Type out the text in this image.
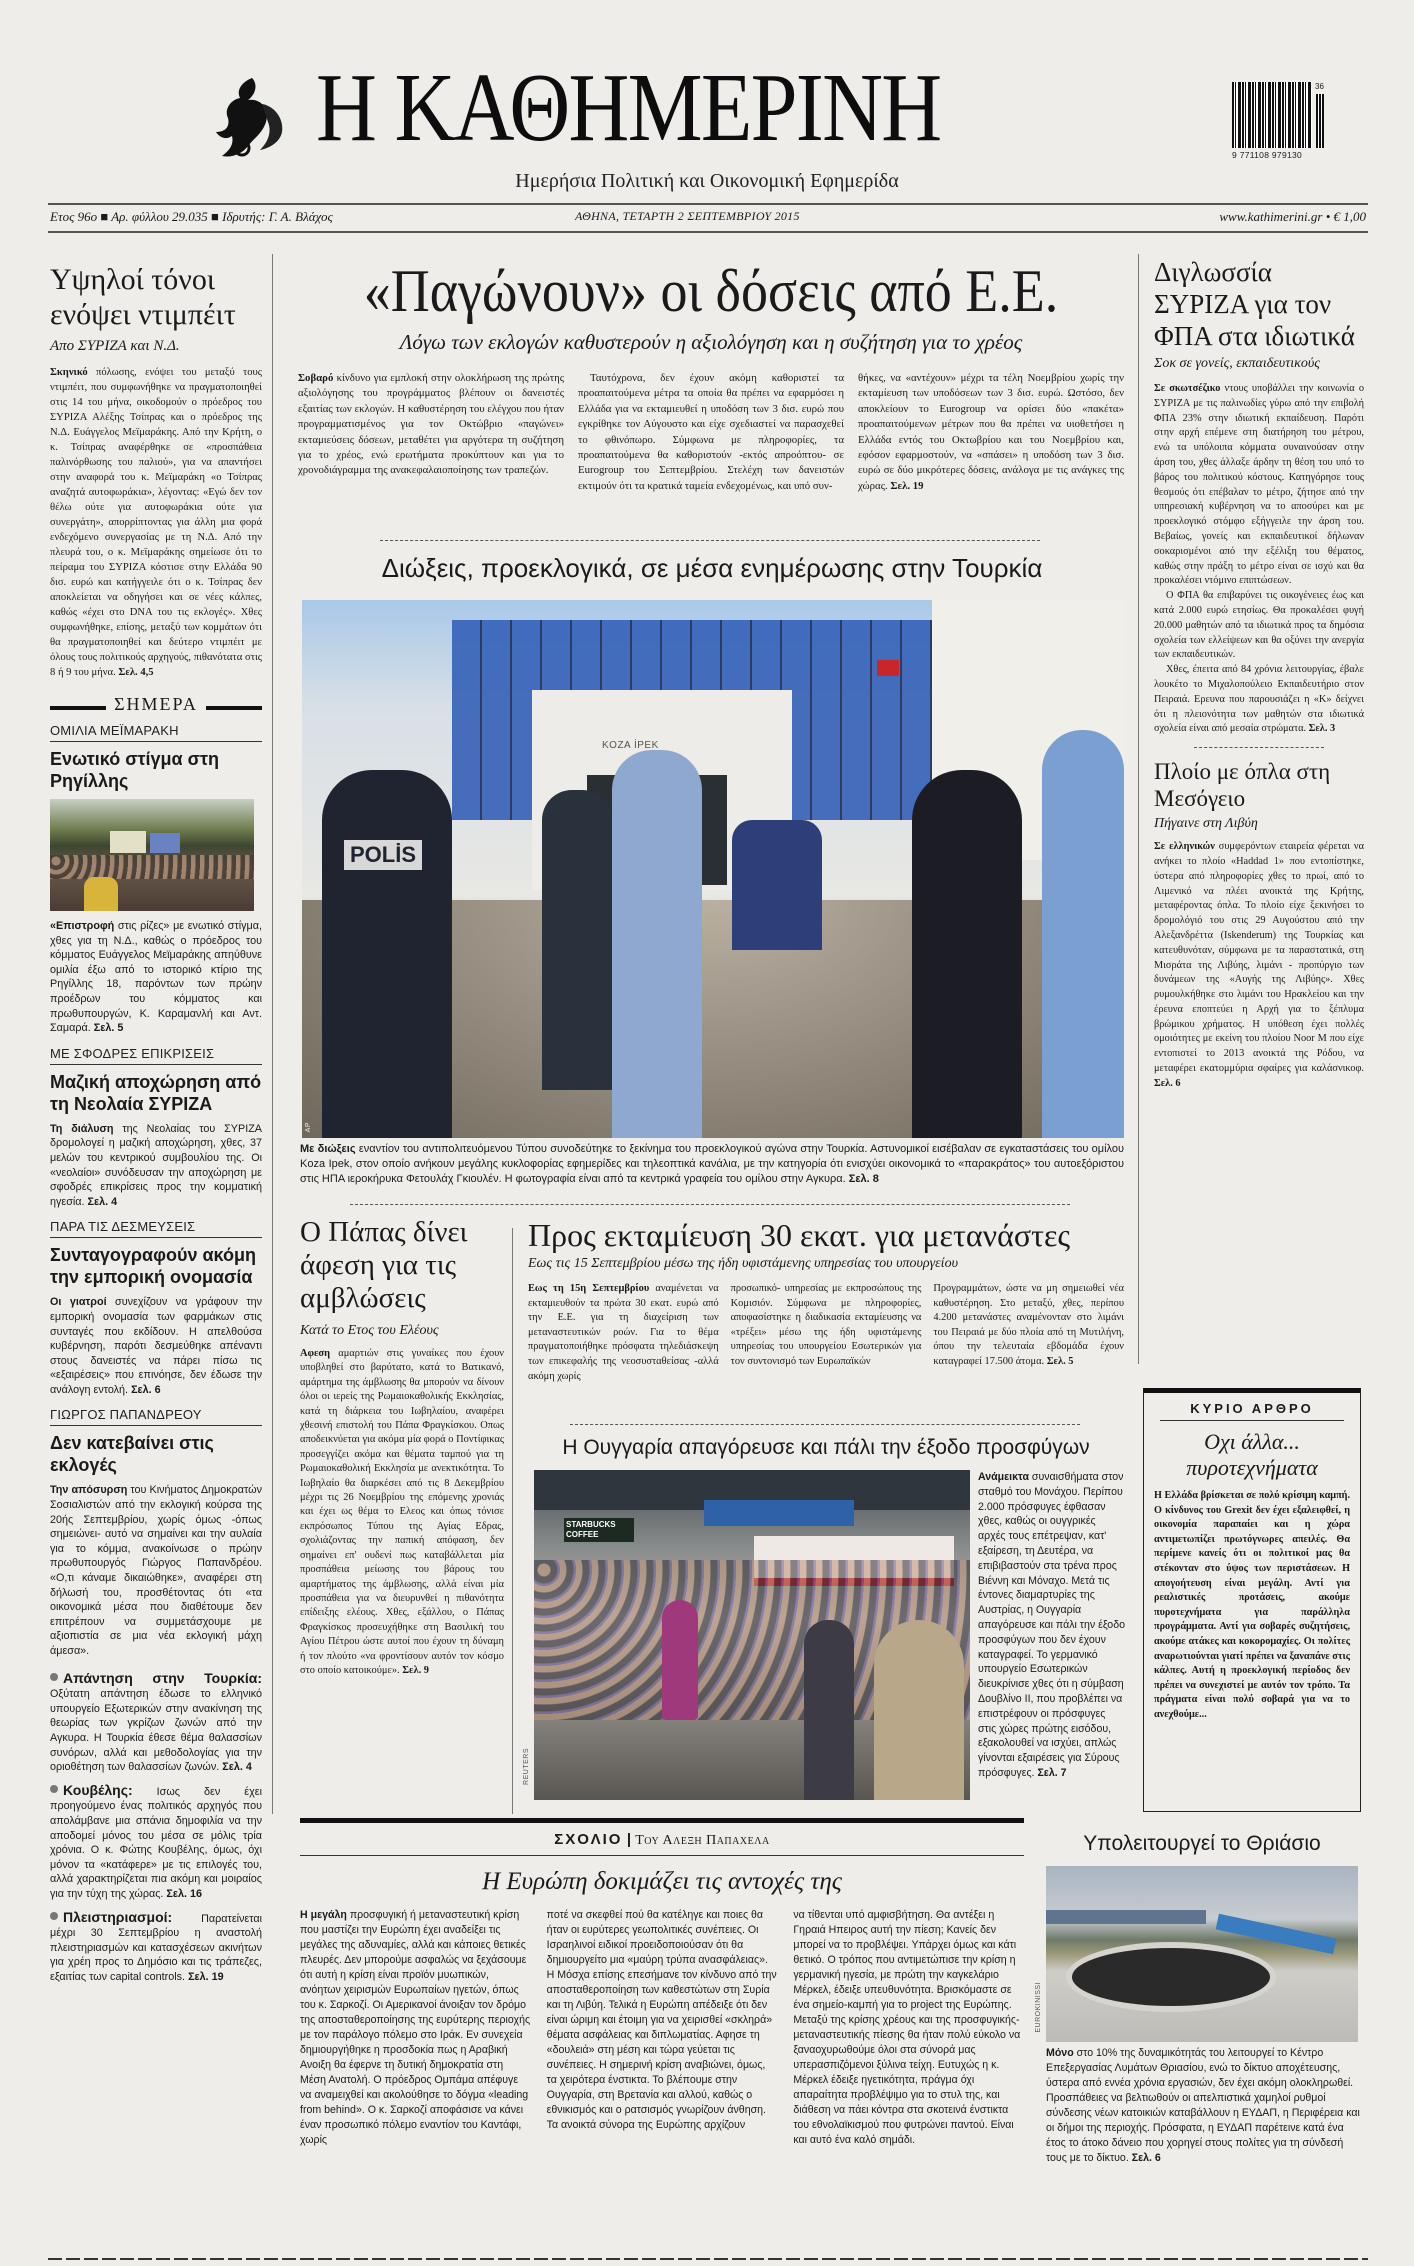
Η ΚΑΘΗΜΕΡΙΝΗ	36
9 771108 979130
Ημερήσια Πολιτική και Οικονομική Εφημερίδα
Ετος 96ο ■ Αρ. φύλλου 29.035 ■ Ιδρυτής: Γ. Α. Βλάχος	ΑΘΗΝΑ, ΤΕΤΑΡΤΗ 2 ΣΕΠΤΕΜΒΡΙΟΥ 2015	www.kathimerini.gr • € 1,00
Υψηλοί τόνοι ενόψει ντιμπέιτ
Απο ΣΥΡΙΖΑ και Ν.Δ.

Σκηνικό πόλωσης, ενόψει του μεταξύ τους ντιμπέιτ, που συμφωνήθηκε να πραγματοποιηθεί στις 14 του μήνα, οικοδομούν ο πρόεδρος του ΣΥΡΙΖΑ Αλέξης Τσίπρας και ο πρόεδρος της Ν.Δ. Ευάγγελος Μεϊμαράκης. Από την Κρήτη, ο κ. Τσίπρας αναφέρθηκε σε «προσπάθεια παλινόρθωσης του παλιού», για να απαντήσει στην αναφορά του κ. Μεϊμαράκη «ο Τσίπρας αναζητά αυτοφωράκια», λέγοντας: «Εγώ δεν τον θέλω ούτε για αυτοφωράκια ούτε για συνεργάτη», απορρίπτοντας για άλλη μια φορά ενδεχόμενο συνεργασίας με τη Ν.Δ. Από την πλευρά του, ο κ. Μεϊμαράκης σημείωσε ότι το πείραμα του ΣΥΡΙΖΑ κόστισε στην Ελλάδα 90 δισ. ευρώ και κατήγγειλε ότι ο κ. Τσίπρας δεν αποκλείεται να οδηγήσει και σε νέες κάλπες, καθώς «έχει στο DNA του τις εκλογές». Χθες συμφωνήθηκε, επίσης, μεταξύ των κομμάτων ότι θα πραγματοποιηθεί και δεύτερο ντιμπέιτ με όλους τους πολιτικούς αρχηγούς, πιθανότατα στις 8 ή 9 του μήνα. Σελ. 4,5

ΣΗΜΕΡΑ
ΟΜΙΛΙΑ ΜΕΪΜΑΡΑΚΗ
Ενωτικό στίγμα στη Ρηγίλλης

«Επιστροφή στις ρίζες» με ενωτικό στίγμα, χθες για τη Ν.Δ., καθώς ο πρόεδρος του κόμματος Ευάγγελος Μεϊμαράκης απηύθυνε ομιλία έξω από το ιστορικό κτίριο της Ρηγίλλης 18, παρόντων των πρώην προέδρων του κόμματος και πρωθυπουργών, Κ. Καραμανλή και Αντ. Σαμαρά. Σελ. 5

ΜΕ ΣΦΟΔΡΕΣ ΕΠΙΚΡΙΣΕΙΣ
Μαζική αποχώρηση από τη Νεολαία ΣΥΡΙΖΑ

Τη διάλυση της Νεολαίας του ΣΥΡΙΖΑ δρομολογεί η μαζική αποχώρηση, χθες, 37 μελών του κεντρικού συμβουλίου της. Οι «νεολαίοι» συνόδευσαν την αποχώρηση με σφοδρές επικρίσεις προς την κομματική ηγεσία. Σελ. 4

ΠΑΡΑ ΤΙΣ ΔΕΣΜΕΥΣΕΙΣ
Συνταγογραφούν ακόμη την εμπορική ονομασία

Οι γιατροί συνεχίζουν να γράφουν την εμπορική ονομασία των φαρμάκων στις συνταγές που εκδίδουν. Η απελθούσα κυβέρνηση, παρότι δεσμεύθηκε απέναντι στους δανειστές να πάρει πίσω τις «εξαιρέσεις» που επινόησε, δεν έδωσε την ανάλογη εντολή. Σελ. 6

ΓΙΩΡΓΟΣ ΠΑΠΑΝΔΡΕΟΥ
Δεν κατεβαίνει στις εκλογές

Την απόσυρση του Κινήματος Δημοκρατών Σοσιαλιστών από την εκλογική κούρσα της 20ής Σεπτεμβρίου, χωρίς όμως -όπως σημειώνει- αυτό να σημαίνει και την αυλαία για το κόμμα, ανακοίνωσε ο πρώην πρωθυπουργός Γιώργος Παπανδρέου. «Ο,τι κάναμε δικαιώθηκε», αναφέρει στη δήλωσή του, προσθέτοντας ότι «τα οικονομικά μέσα που διαθέτουμε δεν επιτρέπουν να συμμετάσχουμε με αξιοπιστία σε μια νέα εκλογική μάχη άμεσα».

Απάντηση στην Τουρκία: Οξύτατη απάντηση έδωσε το ελληνικό υπουργείο Εξωτερικών στην ανακίνηση της θεωρίας των γκρίζων ζωνών από την Αγκυρα. Η Τουρκία έθεσε θέμα θαλασσίων συνόρων, αλλά και μεθοδολογίας για την οριοθέτηση των θαλασσίων ζωνών. Σελ. 4

Κουβέλης: Ισως δεν έχει προηγούμενο ένας πολιτικός αρχηγός που απολάμβανε μια σπάνια δημοφιλία να την αποδομεί μόνος του μέσα σε μόλις τρία χρόνια. Ο κ. Φώτης Κουβέλης, όμως, όχι μόνον τα «κατάφερε» με τις επιλογές του, αλλά χαρακτηρίζεται πια ακόμη και μοιραίος για την τύχη της χώρας. Σελ. 16

Πλειστηριασμοί: Παρατείνεται μέχρι 30 Σεπτεμβρίου η αναστολή πλειστηριασμών και κατασχέσεων ακινήτων για χρέη προς το Δημόσιο και τις τράπεζες, εξαιτίας των capital controls. Σελ. 19

«Παγώνουν» οι δόσεις από Ε.Ε.
Λόγω των εκλογών καθυστερούν η αξιολόγηση και η συζήτηση για το χρέος

Σοβαρό κίνδυνο για εμπλοκή στην ολοκλήρωση της πρώτης αξιολόγησης του προγράμματος βλέπουν οι δανειστές εξαιτίας των εκλογών. Η καθυστέρηση του ελέγχου που ήταν προγραμματισμένος για τον Οκτώβριο «παγώνει» εκταμιεύσεις δόσεων, μεταθέτει για αργότερα τη συζήτηση για το χρέος, ενώ ερωτήματα προκύπτουν και για το χρονοδιάγραμμα της ανακεφαλαιοποίησης των τραπεζών.

Ταυτόχρονα, δεν έχουν ακόμη καθοριστεί τα προαπαιτούμενα μέτρα τα οποία θα πρέπει να εφαρμόσει η Ελλάδα για να εκταμιευθεί η υποδόση των 3 δισ. ευρώ που εγκρίθηκε τον Αύγουστο και είχε σχεδιαστεί να παρασχεθεί το φθινόπωρο. Σύμφωνα με πληροφορίες, τα προαπαιτούμενα θα καθοριστούν -εκτός απροόπτου- σε Eurogroup του Σεπτεμβρίου. Στελέχη των δανειστών εκτιμούν ότι τα κρατικά ταμεία ενδεχομένως, και υπό συν-

θήκες, να «αντέχουν» μέχρι τα τέλη Νοεμβρίου χωρίς την εκταμίευση των υποδόσεων των 3 δισ. ευρώ. Ωστόσο, δεν αποκλείουν το Eurogroup να ορίσει δύο «πακέτα» προαπαιτούμενων μέτρων που θα πρέπει να υιοθετήσει η Ελλάδα εντός του Οκτωβρίου και του Νοεμβρίου και, εφόσον εφαρμοστούν, να «σπάσει» η υποδόση των 3 δισ. ευρώ σε δύο μικρότερες δόσεις, ανάλογα με τις ανάγκες της χώρας. Σελ. 19

Διώξεις, προεκλογικά, σε μέσα ενημέρωσης στην Τουρκία
KOZA İPEK
POLİS
AP

Με διώξεις εναντίον του αντιπολιτευόμενου Τύπου συνοδεύτηκε το ξεκίνημα του προεκλογικού αγώνα στην Τουρκία. Αστυνομικοί εισέβαλαν σε εγκαταστάσεις του ομίλου Koza Ipek, στον οποίο ανήκουν μεγάλης κυκλοφορίας εφημερίδες και τηλεοπτικά κανάλια, με την κατηγορία ότι ενισχύει οικονομικά το «παρακράτος» του αυτοεξόριστου στις ΗΠΑ ιεροκήρυκα Φετουλάχ Γκιουλέν. Η φωτογραφία είναι από τα κεντρικά γραφεία του ομίλου στην Αγκυρα. Σελ. 8

Ο Πάπας δίνει άφεση για τις αμβλώσεις
Κατά το Ετος του Ελέους

Αφεση αμαρτιών στις γυναίκες που έχουν υποβληθεί στο βαρύτατο, κατά το Βατικανό, αμάρτημα της άμβλωσης θα μπορούν να δίνουν όλοι οι ιερείς της Ρωμαιοκαθολικής Εκκλησίας, κατά τη διάρκεια του Ιωβηλαίου, αναφέρει χθεσινή επιστολή του Πάπα Φραγκίσκου. Οπως αποδεικνύεται για ακόμα μία φορά ο Ποντίφικας προσεγγίζει ακόμα και θέματα ταμπού για τη Ρωμαιοκαθολική Εκκλησία με ανεκτικότητα. Το Ιωβηλαίο θα διαρκέσει από τις 8 Δεκεμβρίου μέχρι τις 26 Νοεμβρίου της επόμενης χρονιάς και έχει ως θέμα το Ελεος και όπως τόνισε εκπρόσωπος Τύπου της Αγίας Εδρας, σχολιάζοντας την παπική απόφαση, δεν σημαίνει επ' ουδενί πως καταβάλλεται μία προσπάθεια μείωσης του βάρους του αμαρτήματος της άμβλωσης, αλλά είναι μία προσπάθεια για να διευρυνθεί η πιθανότητα επίδειξης ελέους. Χθες, εξάλλου, ο Πάπας Φραγκίσκος προσευχήθηκε στη Βασιλική του Αγίου Πέτρου ώστε αυτοί που έχουν τη δύναμη ή τον πλούτο «να φροντίσουν αυτόν τον κόσμο στο οποίο κατοικούμε». Σελ. 9

Προς εκταμίευση 30 εκατ. για μετανάστες
Εως τις 15 Σεπτεμβρίου μέσω της ήδη υφιστάμενης υπηρεσίας του υπουργείου

Εως τη 15η Σεπτεμβρίου αναμένεται να εκταμιευθούν τα πρώτα 30 εκατ. ευρώ από την Ε.Ε. για τη διαχείριση των μεταναστευτικών ροών. Για το θέμα πραγματοποιήθηκε πρόσφατα τηλεδιάσκεψη των επικεφαλής της νεοσυσταθείσας -αλλά ακόμη χωρίς

προσωπικό- υπηρεσίας με εκπροσώπους της Κομισιόν. Σύμφωνα με πληροφορίες, αποφασίστηκε η διαδικασία εκταμίευσης να «τρέξει» μέσω της ήδη υφιστάμενης υπηρεσίας του υπουργείου Εσωτερικών για τον συντονισμό των Ευρωπαϊκών

Προγραμμάτων, ώστε να μη σημειωθεί νέα καθυστέρηση. Στο μεταξύ, χθες, περίπου 4.200 μετανάστες αναμένονταν στο λιμάνι του Πειραιά με δύο πλοία από τη Μυτιλήνη, όπου την τελευταία εβδομάδα έχουν καταγραφεί 17.500 άτομα. Σελ. 5

Η Ουγγαρία απαγόρευσε και πάλι την έξοδο προσφύγων
STARBUCKS COFFEE
REUTERS

Ανάμεικτα συναισθήματα στον σταθμό του Μονάχου. Περίπου 2.000 πρόσφυγες έφθασαν χθες, καθώς οι ουγγρικές αρχές τους επέτρεψαν, κατ' εξαίρεση, τη Δευτέρα, να επιβιβαστούν στα τρένα προς Βιέννη και Μόναχο. Μετά τις έντονες διαμαρτυρίες της Αυστρίας, η Ουγγαρία απαγόρευσε και πάλι την έξοδο προσφύγων που δεν έχουν καταγραφεί. Το γερμανικό υπουργείο Εσωτερικών διευκρίνισε χθες ότι η σύμβαση Δουβλίνο ΙΙ, που προβλέπει να επιστρέφουν οι πρόσφυγες στις χώρες πρώτης εισόδου, εξακολουθεί να ισχύει, απλώς γίνονται εξαιρέσεις για Σύρους πρόσφυγες. Σελ. 7

ΣΧΟΛΙΟ | Του Αλεξη Παπαχελα
Η Ευρώπη δοκιμάζει τις αντοχές της

Η μεγάλη προσφυγική ή μεταναστευτική κρίση που μαστίζει την Ευρώπη έχει αναδείξει τις μεγάλες της αδυναμίες, αλλά και κάποιες θετικές πλευρές. Δεν μπορούμε ασφαλώς να ξεχάσουμε ότι αυτή η κρίση είναι προϊόν μυωπικών, ανόητων χειρισμών Ευρωπαίων ηγετών, όπως του κ. Σαρκοζί. Οι Αμερικανοί άνοιξαν τον δρόμο της αποσταθεροποίησης της ευρύτερης περιοχής με τον παράλογο πόλεμο στο Ιράκ. Εν συνεχεία δημιουργήθηκε η προσδοκία πως η Αραβική Ανοιξη θα έφερνε τη δυτική δημοκρατία στη Μέση Ανατολή. Ο πρόεδρος Ομπάμα απέφυγε να αναμειχθεί και ακολούθησε το δόγμα «leading from behind». Ο κ. Σαρκοζί αποφάσισε να κάνει έναν προσωπικό πόλεμο εναντίον του Καντάφι, χωρίς

ποτέ να σκεφθεί πού θα κατέληγε και ποιες θα ήταν οι ευρύτερες γεωπολιτικές συνέπειες. Οι Ισραηλινοί ειδικοί προειδοποιούσαν ότι θα δημιουργείτο μια «μαύρη τρύπα ανασφάλειας». Η Μόσχα επίσης επεσήμανε τον κίνδυνο από την αποσταθεροποίηση των καθεστώτων στη Συρία και τη Λιβύη. Τελικά η Ευρώπη απέδειξε ότι δεν είναι ώριμη και έτοιμη για να χειρισθεί «σκληρά» θέματα ασφάλειας και διπλωματίας. Αφησε τη «δουλειά» στη μέση και τώρα γεύεται τις συνέπειες. Η σημερινή κρίση αναβιώνει, όμως, τα χειρότερα ένστικτα. Το βλέπουμε στην Ουγγαρία, στη Βρετανία και αλλού, καθώς ο εθνικισμός και ο ρατσισμός γνωρίζουν άνθηση. Τα ανοικτά σύνορα της Ευρώπης αρχίζουν

να τίθενται υπό αμφισβήτηση. Θα αντέξει η Γηραιά Ηπειρος αυτή την πίεση; Κανείς δεν μπορεί να το προβλέψει. Υπάρχει όμως και κάτι θετικό. Ο τρόπος που αντιμετώπισε την κρίση η γερμανική ηγεσία, με πρώτη την καγκελάριο Μέρκελ, έδειξε υπευθυνότητα. Βρισκόμαστε σε ένα σημείο-καμπή για το project της Ευρώπης. Μεταξύ της κρίσης χρέους και της προσφυγικής-μεταναστευτικής πίεσης θα ήταν πολύ εύκολο να ξαναοχυρωθούμε όλοι στα σύνορά μας υπερασπιζόμενοι ξύλινα τείχη. Ευτυχώς η κ. Μέρκελ έδειξε ηγετικότητα, πράγμα όχι απαραίτητα προβλέψιμο για το στυλ της, και διάθεση να πάει κόντρα στα σκοτεινά ένστικτα του εθνολαϊκισμού που φυτρώνει παντού. Είναι και αυτό ένα καλό σημάδι.

Διγλωσσία ΣΥΡΙΖΑ για τον ΦΠΑ στα ιδιωτικά
Σοκ σε γονείς, εκπαιδευτικούς

Σε σκωτσέζικο ντους υποβάλλει την κοινωνία ο ΣΥΡΙΖΑ με τις παλινωδίες γύρω από την επιβολή ΦΠΑ 23% στην ιδιωτική εκπαίδευση. Παρότι στην αρχή επέμενε στη διατήρηση του μέτρου, ενώ τα υπόλοιπα κόμματα συναινούσαν στην άρση του, χθες άλλαξε άρδην τη θέση του υπό το βάρος του πολιτικού κόστους. Κατηγόρησε τους θεσμούς ότι επέβαλαν το μέτρο, ζήτησε από την υπηρεσιακή κυβέρνηση να το αποσύρει και με προεκλογικό στόμφο εξήγγειλε την άρση του. Βεβαίως, γονείς και εκπαιδευτικοί δήλωναν σοκαρισμένοι από την εξέλιξη του θέματος, καθώς στην πράξη το μέτρο είναι σε ισχύ και θα προκαλέσει ντόμινο επιπτώσεων.

Ο ΦΠΑ θα επιβαρύνει τις οικογένειες έως και κατά 2.000 ευρώ ετησίως. Θα προκαλέσει φυγή 20.000 μαθητών από τα ιδιωτικά προς τα δημόσια σχολεία των ελλείψεων και θα οξύνει την ανεργία των εκπαιδευτικών.

Χθες, έπειτα από 84 χρόνια λειτουργίας, έβαλε λουκέτο το Μιχαλοπούλειο Εκπαιδευτήριο στον Πειραιά. Ερευνα που παρουσιάζει η «Κ» δείχνει ότι η πλειονότητα των μαθητών στα ιδιωτικά σχολεία είναι από μεσαία στρώματα. Σελ. 3

Πλοίο με όπλα στη Μεσόγειο
Πήγαινε στη Λιβύη

Σε ελληνικών συμφερόντων εταιρεία φέρεται να ανήκει το πλοίο «Haddad 1» που εντοπίστηκε, ύστερα από πληροφορίες χθες το πρωί, από το Λιμενικό να πλέει ανοικτά της Κρήτης, μεταφέροντας όπλα. Το πλοίο είχε ξεκινήσει το δρομολόγιό του στις 29 Αυγούστου από την Αλεξανδρέττα (Iskenderum) της Τουρκίας και κατευθυνόταν, σύμφωνα με τα παραστατικά, στη Μισράτα της Λιβύης, λιμάνι - προπύργιο των δυνάμεων της «Αυγής της Λιβύης». Χθες ρυμουλκήθηκε στο λιμάνι του Ηρακλείου και την έρευνα εποπτεύει η Αρχή για το ξέπλυμα βρώμικου χρήματος. Η υπόθεση έχει πολλές ομοιότητες με εκείνη του πλοίου Noor M που είχε εντοπιστεί το 2013 ανοικτά της Ρόδου, να μεταφέρει εκατομμύρια σφαίρες για καλάσνικοφ. Σελ. 6

ΚΥΡΙΟ ΑΡΘΡΟ
Οχι άλλα... πυροτεχνήματα

Η Ελλάδα βρίσκεται σε πολύ κρίσιμη καμπή. Ο κίνδυνος του Grexit δεν έχει εξαλειφθεί, η οικονομία παραπαίει και η χώρα αντιμετωπίζει πρωτόγνωρες απειλές. Θα περίμενε κανείς ότι οι πολιτικοί μας θα στέκονταν στο ύψος των περιστάσεων. Η απογοήτευση είναι μεγάλη. Αντί για ρεαλιστικές προτάσεις, ακούμε πυροτεχνήματα για παράλληλα προγράμματα. Αντί για σοβαρές συζητήσεις, ακούμε ατάκες και κοκορομαχίες. Οι πολίτες αναρωτιούνται γιατί πρέπει να ξαναπάνε στις κάλπες. Αυτή η προεκλογική περίοδος δεν πρέπει να συνεχιστεί με αυτόν τον τρόπο. Τα πράγματα είναι πολύ σοβαρά για να το ανεχθούμε...

Υπολειτουργεί το Θριάσιο
EUROKINISSI

Μόνο στο 10% της δυναμικότητάς του λειτουργεί το Κέντρο Επεξεργασίας Λυμάτων Θριασίου, ενώ το δίκτυο αποχέτευσης, ύστερα από εννέα χρόνια εργασιών, δεν έχει ακόμη ολοκληρωθεί. Προσπάθειες να βελτιωθούν οι απελπιστικά χαμηλοί ρυθμοί σύνδεσης νέων κατοικιών καταβάλλουν η ΕΥΔΑΠ, η Περιφέρεια και οι δήμοι της περιοχής. Πρόσφατα, η ΕΥΔΑΠ παρέτεινε κατά ένα έτος το άτοκο δάνειο που χορηγεί στους πολίτες για τη σύνδεσή τους με το δίκτυο. Σελ. 6
